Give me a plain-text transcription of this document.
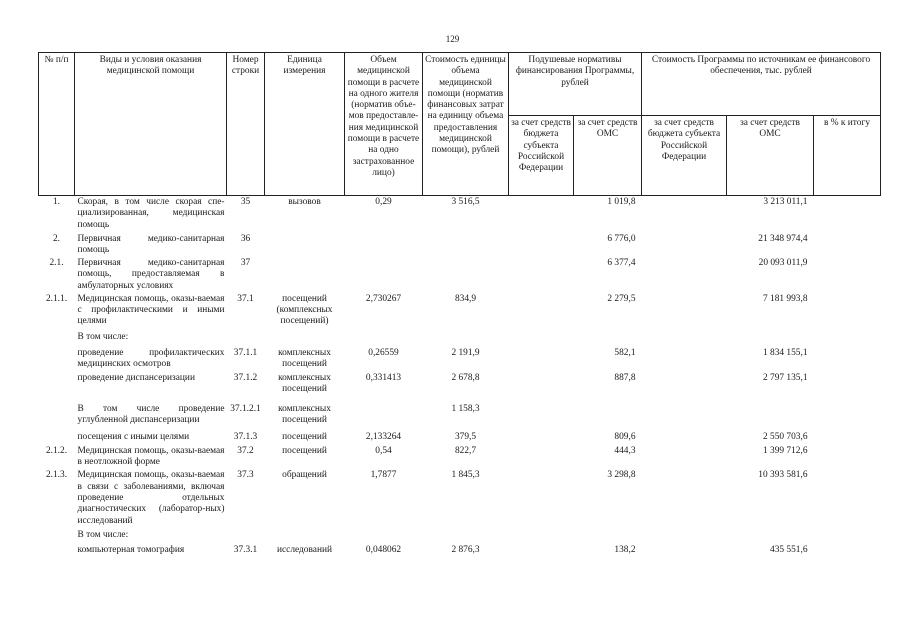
129
№ п/п	Виды и условия оказания медицинской помощи	Номер строки	Единица измерения	Объем медицинской помощи в расчете на одного жителя (норматив объе-мов предоставле-ния медицинской помощи в расчете на одно застрахованное лицо)	Стоимость единицы объема медицинской помощи (норматив финансовых затрат на единицу объема предоставления медицинской помощи), рублей	Подушевые нормативы финансирования Программы, рублей		Стоимость Программы по источникам ее финансового обеспечения, тыс. рублей		
						за счет средств бюджета субъекта Российской Федерации	за счет средств ОМС	за счет средств бюджета субъекта Российской Федерации	за счет средств ОМС	в % к итогу
1.	Скорая, в том числе скорая спе-циализированная, медицинская помощь	35	вызовов	0,29	3 516,5		1 019,8		3 213 011,1	
2.	Первичная медико-санитарная помощь	36					6 776,0		21 348 974,4	
2.1.	Первичная медико-санитарная помощь, предоставляемая в амбулаторных условиях	37					6 377,4		20 093 011,9	
2.1.1.	Медицинская помощь, оказы-ваемая с профилактическими и иными целями	37.1	посещений (комплексных посещений)	2,730267	834,9		2 279,5		7 181 993,8	
	В том числе:									
	проведение профилактических медицинских осмотров	37.1.1	комплексных посещений	0,26559	2 191,9		582,1		1 834 155,1	
	проведение диспансеризации	37.1.2	комплексных посещений	0,331413	2 678,8		887,8		2 797 135,1	
	В том числе проведение углубленной диспансеризации	37.1.2.1	комплексных посещений		1 158,3					
	посещения с иными целями	37.1.3	посещений	2,133264	379,5		809,6		2 550 703,6	
2.1.2.	Медицинская помощь, оказы-ваемая в неотложной форме	37.2	посещений	0,54	822,7		444,3		1 399 712,6	
2.1.3.	Медицинская помощь, оказы-ваемая в связи с заболеваниями, включая проведение отдельных диагностических (лаборатор-ных) исследований	37.3	обращений	1,7877	1 845,3		3 298,8		10 393 581,6	
	В том числе:									
	компьютерная томография	37.3.1	исследований	0,048062	2 876,3		138,2		435 551,6	
